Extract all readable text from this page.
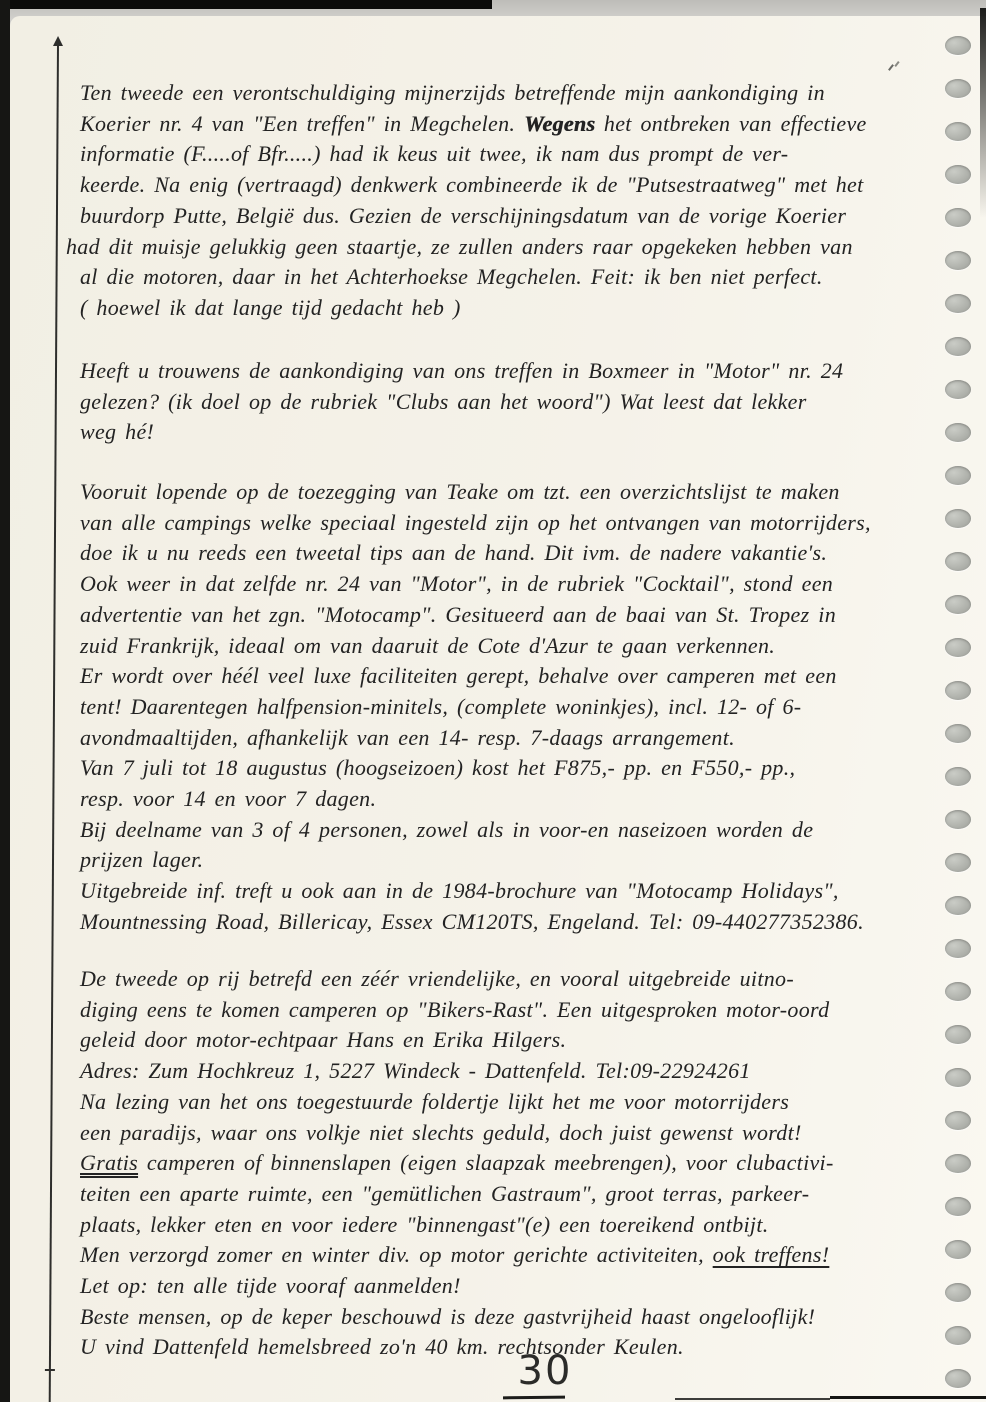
Ten tweede een verontschuldiging mijnerzijds betreffende mijn aankondiging in
Koerier nr. 4 van "Een treffen" in Megchelen. Wegens het ontbreken van effectieve
informatie (F.....of Bfr.....) had ik keus uit twee, ik nam dus prompt de ver-
keerde. Na enig (vertraagd) denkwerk combineerde ik de "Putsestraatweg" met het
buurdorp Putte, België dus. Gezien de verschijningsdatum van de vorige Koerier
had dit muisje gelukkig geen staartje, ze zullen anders raar opgekeken hebben van
al die motoren, daar in het Achterhoekse Megchelen. Feit: ik ben niet perfect.
( hoewel ik dat lange tijd gedacht heb )
Heeft u trouwens de aankondiging van ons treffen in Boxmeer in "Motor" nr. 24
gelezen? (ik doel op de rubriek "Clubs aan het woord") Wat leest dat lekker
weg hé!
Vooruit lopende op de toezegging van Teake om tzt. een overzichtslijst te maken
van alle campings welke speciaal ingesteld zijn op het ontvangen van motorrijders,
doe ik u nu reeds een tweetal tips aan de hand. Dit ivm. de nadere vakantie's.
Ook weer in dat zelfde nr. 24 van "Motor", in de rubriek "Cocktail", stond een
advertentie van het zgn. "Motocamp". Gesitueerd aan de baai van St. Tropez in
zuid Frankrijk, ideaal om van daaruit de Cote d'Azur te gaan verkennen.
Er wordt over héél veel luxe faciliteiten gerept, behalve over camperen met een
tent! Daarentegen halfpension-minitels, (complete woninkjes), incl. 12- of 6-
avondmaaltijden, afhankelijk van een 14- resp. 7-daags arrangement.
Van 7 juli tot 18 augustus (hoogseizoen) kost het F875,- pp. en F550,- pp.,
resp. voor 14 en voor 7 dagen.
Bij deelname van 3 of 4 personen, zowel als in voor-en naseizoen worden de
prijzen lager.
Uitgebreide inf. treft u ook aan in de 1984-brochure van "Motocamp Holidays",
Mountnessing Road, Billericay, Essex CM120TS, Engeland. Tel: 09-440277352386.
De tweede op rij betrefd een zéér vriendelijke, en vooral uitgebreide uitno-
diging eens te komen camperen op "Bikers-Rast". Een uitgesproken motor-oord
geleid door motor-echtpaar Hans en Erika Hilgers.
Adres: Zum Hochkreuz 1, 5227 Windeck - Dattenfeld. Tel:09-22924261
Na lezing van het ons toegestuurde foldertje lijkt het me voor motorrijders
een paradijs, waar ons volkje niet slechts geduld, doch juist gewenst wordt!
Gratis camperen of binnenslapen (eigen slaapzak meebrengen), voor clubactivi-
teiten een aparte ruimte, een "gemütlichen Gastraum", groot terras, parkeer-
plaats, lekker eten en voor iedere "binnengast"(e) een toereikend ontbijt.
Men verzorgd zomer en winter div. op motor gerichte activiteiten, ook treffens!
Let op: ten alle tijde vooraf aanmelden!
Beste mensen, op de keper beschouwd is deze gastvrijheid haast ongelooflijk!
U vind Dattenfeld hemelsbreed zo'n 40 km. rechtsonder Keulen.
30
